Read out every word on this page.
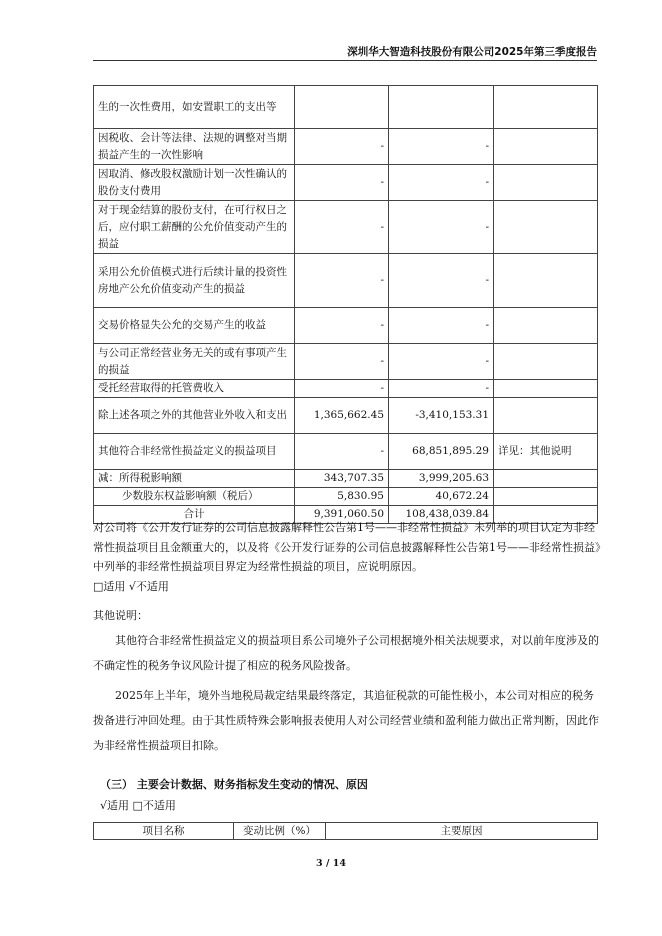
深圳华大智造科技股份有限公司2025年第三季度报告
生的一次性费用，如安置职工的支出等			
因税收、会计等法律、法规的调整对当期损益产生的一次性影响	-	-	
因取消、修改股权激励计划一次性确认的股份支付费用	-	-	
对于现金结算的股份支付，在可行权日之后，应付职工薪酬的公允价值变动产生的损益	-	-	
采用公允价值模式进行后续计量的投资性房地产公允价值变动产生的损益	-	-	
交易价格显失公允的交易产生的收益	-	-	
与公司正常经营业务无关的或有事项产生的损益	-	-	
受托经营取得的托管费收入	-	-	
除上述各项之外的其他营业外收入和支出	1,365,662.45	-3,410,153.31	
其他符合非经常性损益定义的损益项目	-	68,851,895.29	详见：其他说明
减：所得税影响额	343,707.35	3,999,205.63	
少数股东权益影响额（税后）	5,830.95	40,672.24	
合计	9,391,060.50	108,438,039.84	
对公司将《公开发行证券的公司信息披露解释性公告第1号——非经常性损益》未列举的项目认定为非经常性损益项目且金额重大的，以及将《公开发行证券的公司信息披露解释性公告第1号——非经常性损益》中列举的非经常性损益项目界定为经常性损益的项目，应说明原因。
□适用 √不适用
其他说明：
其他符合非经常性损益定义的损益项目系公司境外子公司根据境外相关法规要求，对以前年度涉及的不确定性的税务争议风险计提了相应的税务风险拨备。
2025年上半年，境外当地税局裁定结果最终落定，其追征税款的可能性极小，本公司对相应的税务拨备进行冲回处理。由于其性质特殊会影响报表使用人对公司经营业绩和盈利能力做出正常判断，因此作为非经常性损益项目扣除。
（三） 主要会计数据、财务指标发生变动的情况、原因
√适用 □不适用
项目名称	变动比例（%）	主要原因
3 / 14
